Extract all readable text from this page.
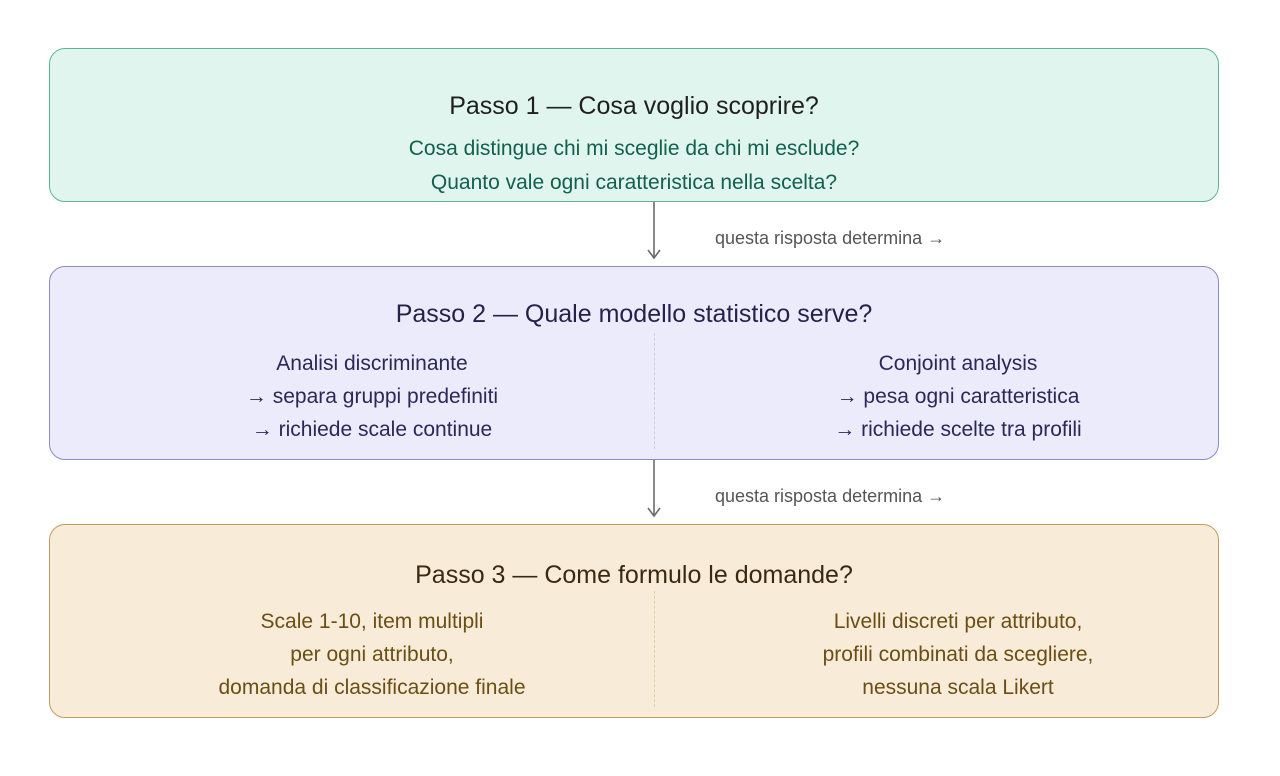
Passo 1 — Cosa voglio scoprire?
Cosa distingue chi mi sceglie da chi mi esclude?
Quanto vale ogni caratteristica nella scelta?
questa risposta determina →
Passo 2 — Quale modello statistico serve?
Analisi discriminante
→ separa gruppi predefiniti
→ richiede scale continue
Conjoint analysis
→ pesa ogni caratteristica
→ richiede scelte tra profili
questa risposta determina →
Passo 3 — Come formulo le domande?
Scale 1-10, item multipli
per ogni attributo,
domanda di classificazione finale
Livelli discreti per attributo,
profili combinati da scegliere,
nessuna scala Likert
